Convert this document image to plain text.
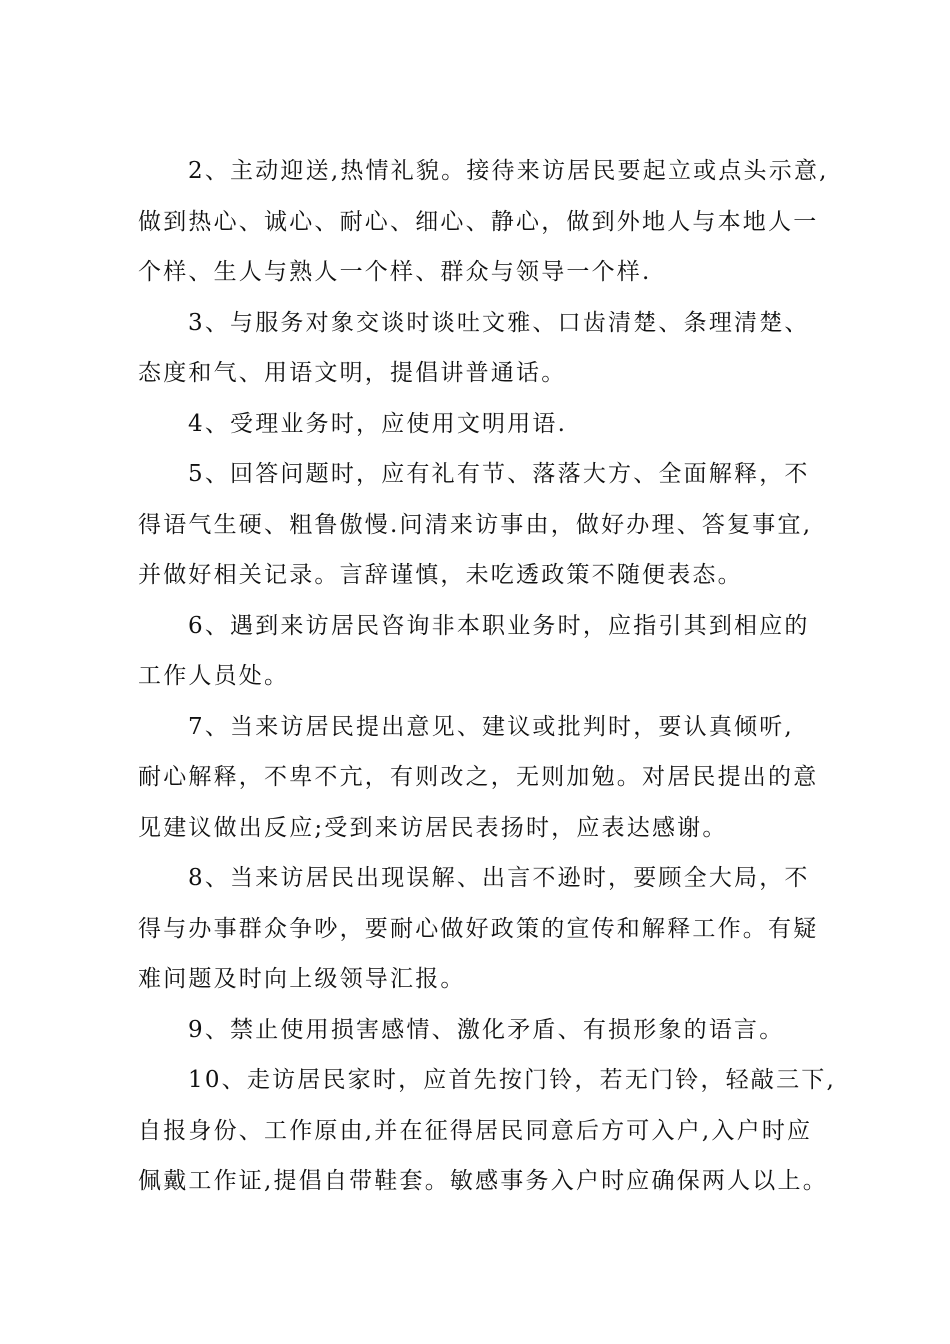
2、主动迎送,热情礼貌。接待来访居民要起立或点头示意,
做到热心、诚心、耐心、细心、静心，做到外地人与本地人一
个样、生人与熟人一个样、群众与领导一个样.
3、与服务对象交谈时谈吐文雅、口齿清楚、条理清楚、
态度和气、用语文明，提倡讲普通话。
4、受理业务时，应使用文明用语.
5、回答问题时，应有礼有节、落落大方、全面解释，不
得语气生硬、粗鲁傲慢.问清来访事由，做好办理、答复事宜,
并做好相关记录。言辞谨慎，未吃透政策不随便表态。
6、遇到来访居民咨询非本职业务时，应指引其到相应的
工作人员处。
7、当来访居民提出意见、建议或批判时，要认真倾听,
耐心解释，不卑不亢，有则改之，无则加勉。对居民提出的意
见建议做出反应;受到来访居民表扬时，应表达感谢。
8、当来访居民出现误解、出言不逊时，要顾全大局，不
得与办事群众争吵，要耐心做好政策的宣传和解释工作。有疑
难问题及时向上级领导汇报。
9、禁止使用损害感情、激化矛盾、有损形象的语言。
10、走访居民家时，应首先按门铃，若无门铃，轻敲三下,
自报身份、工作原由,并在征得居民同意后方可入户,入户时应
佩戴工作证,提倡自带鞋套。敏感事务入户时应确保两人以上。
